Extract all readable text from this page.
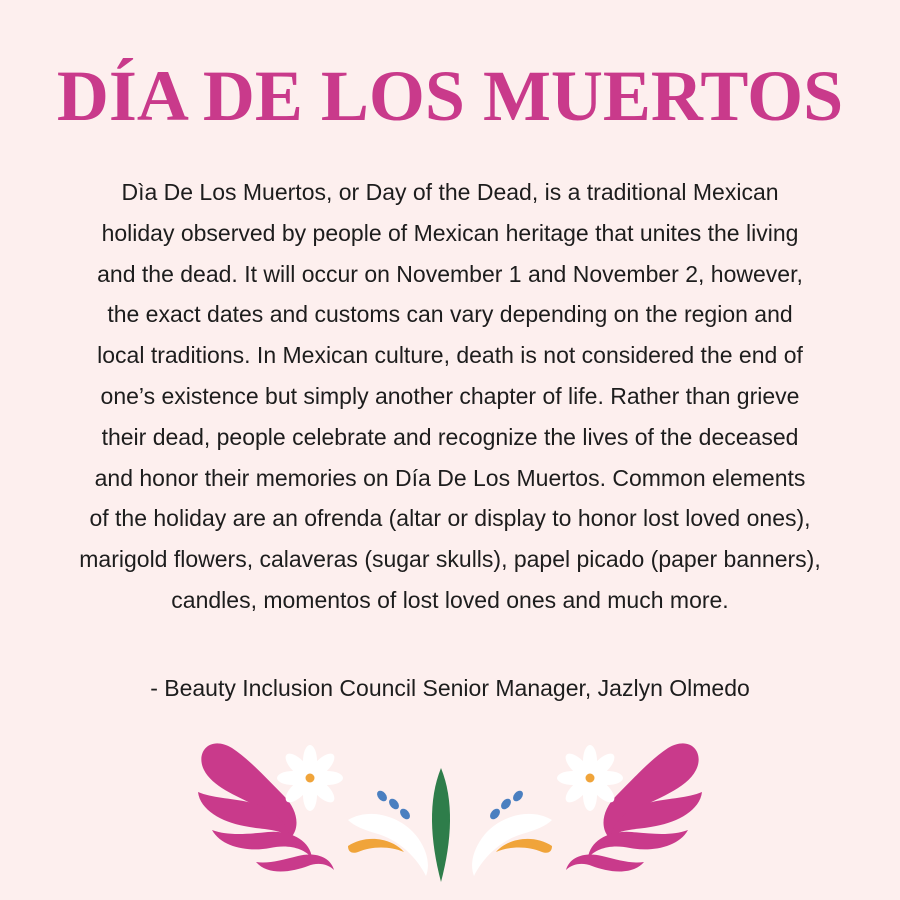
DÍA DE LOS MUERTOS
Dìa De Los Muertos, or Day of the Dead, is a traditional Mexican
holiday observed by people of Mexican heritage that unites the living
and the dead. It will occur on November 1 and November 2, however,
the exact dates and customs can vary depending on the region and
local traditions. In Mexican culture, death is not considered the end of
one’s existence but simply another chapter of life. Rather than grieve
their dead, people celebrate and recognize the lives of the deceased
and honor their memories on Día De Los Muertos. Common elements
of the holiday are an ofrenda (altar or display to honor lost loved ones),
marigold flowers, calaveras (sugar skulls), papel picado (paper banners),
candles, momentos of lost loved ones and much more.
- Beauty Inclusion Council Senior Manager, Jazlyn Olmedo
